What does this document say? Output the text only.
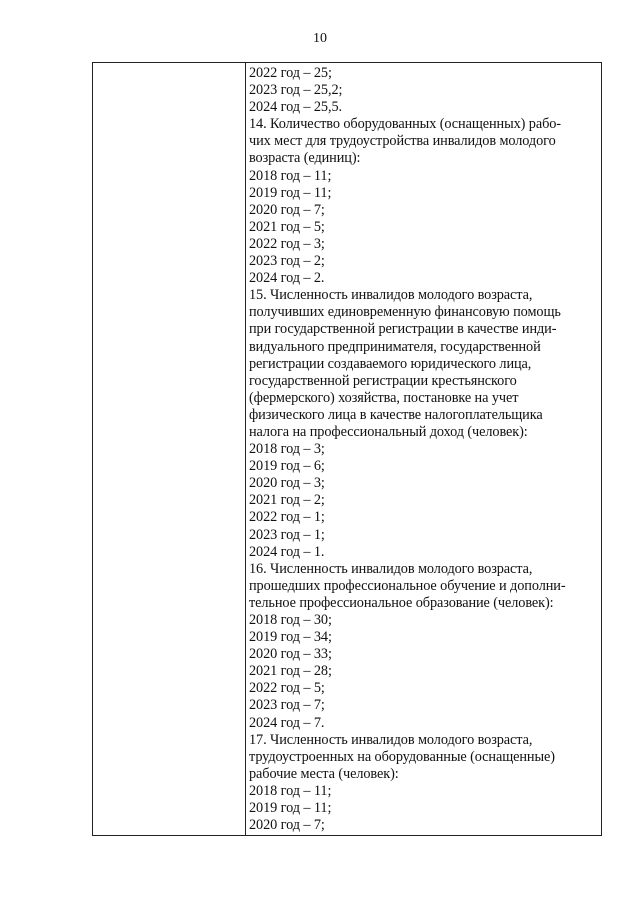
10
2022 год – 25;
2023 год – 25,2;
2024 год – 25,5.
14. Количество оборудованных (оснащенных) рабо-
чих мест для трудоустройства инвалидов молодого
возраста (единиц):
2018 год – 11;
2019 год – 11;
2020 год – 7;
2021 год – 5;
2022 год – 3;
2023 год – 2;
2024 год – 2.
15. Численность инвалидов молодого возраста,
получивших единовременную финансовую помощь
при государственной регистрации в качестве инди-
видуального предпринимателя, государственной
регистрации создаваемого юридического лица,
государственной регистрации крестьянского
(фермерского) хозяйства, постановке на учет
физического лица в качестве налогоплательщика
налога на профессиональный доход (человек):
2018 год – 3;
2019 год – 6;
2020 год – 3;
2021 год – 2;
2022 год – 1;
2023 год – 1;
2024 год – 1.
16. Численность инвалидов молодого возраста,
прошедших профессиональное обучение и дополни-
тельное профессиональное образование (человек):
2018 год – 30;
2019 год – 34;
2020 год – 33;
2021 год – 28;
2022 год – 5;
2023 год – 7;
2024 год – 7.
17. Численность инвалидов молодого возраста,
трудоустроенных на оборудованные (оснащенные)
рабочие места (человек):
2018 год – 11;
2019 год – 11;
2020 год – 7;
